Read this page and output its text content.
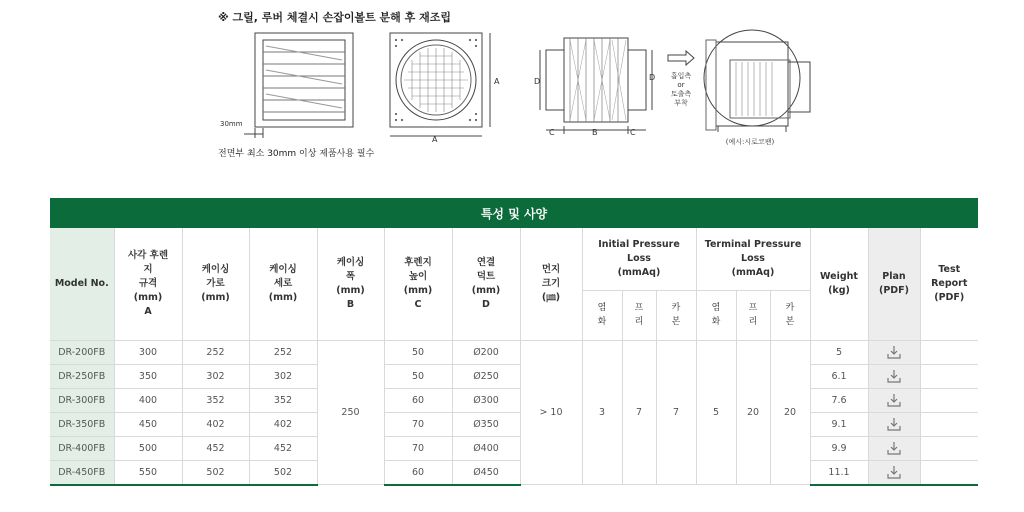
※ 그릴, 루버 체결시 손잡이볼트 분해 후 재조립
30mm
A
A	D	D
C	B	C
흡입측
or
토출측
부착
(예시:시로코팬)
전면부 최소 30mm 이상 제품사용 필수
특성 및 사양
Model No.	사각 후렌
지
규격
(mm)
A	케이싱
가로
(mm)	케이싱
세로
(mm)	케이싱
폭
(mm)
B	후렌지
높이
(mm)
C	연결
덕트
(mm)
D	먼지
크기
(㎛)	Initial Pressure
Loss
(mmAq)			Terminal Pressure
Loss
(mmAq)			Weight
(kg)	Plan
(PDF)	Test
Report
(PDF)

								염
화	프
리	카
본	염
화	프
리	카
본			

DR-200FB	300	252	252	250	50	Ø200	> 10	3	7	7	5	20	20	5		
DR-250FB	350	302	302		50	Ø250								6.1		
DR-300FB	400	352	352		60	Ø300								7.6		
DR-350FB	450	402	402		70	Ø350								9.1		
DR-400FB	500	452	452		70	Ø400								9.9		
DR-450FB	550	502	502		60	Ø450								11.1		
